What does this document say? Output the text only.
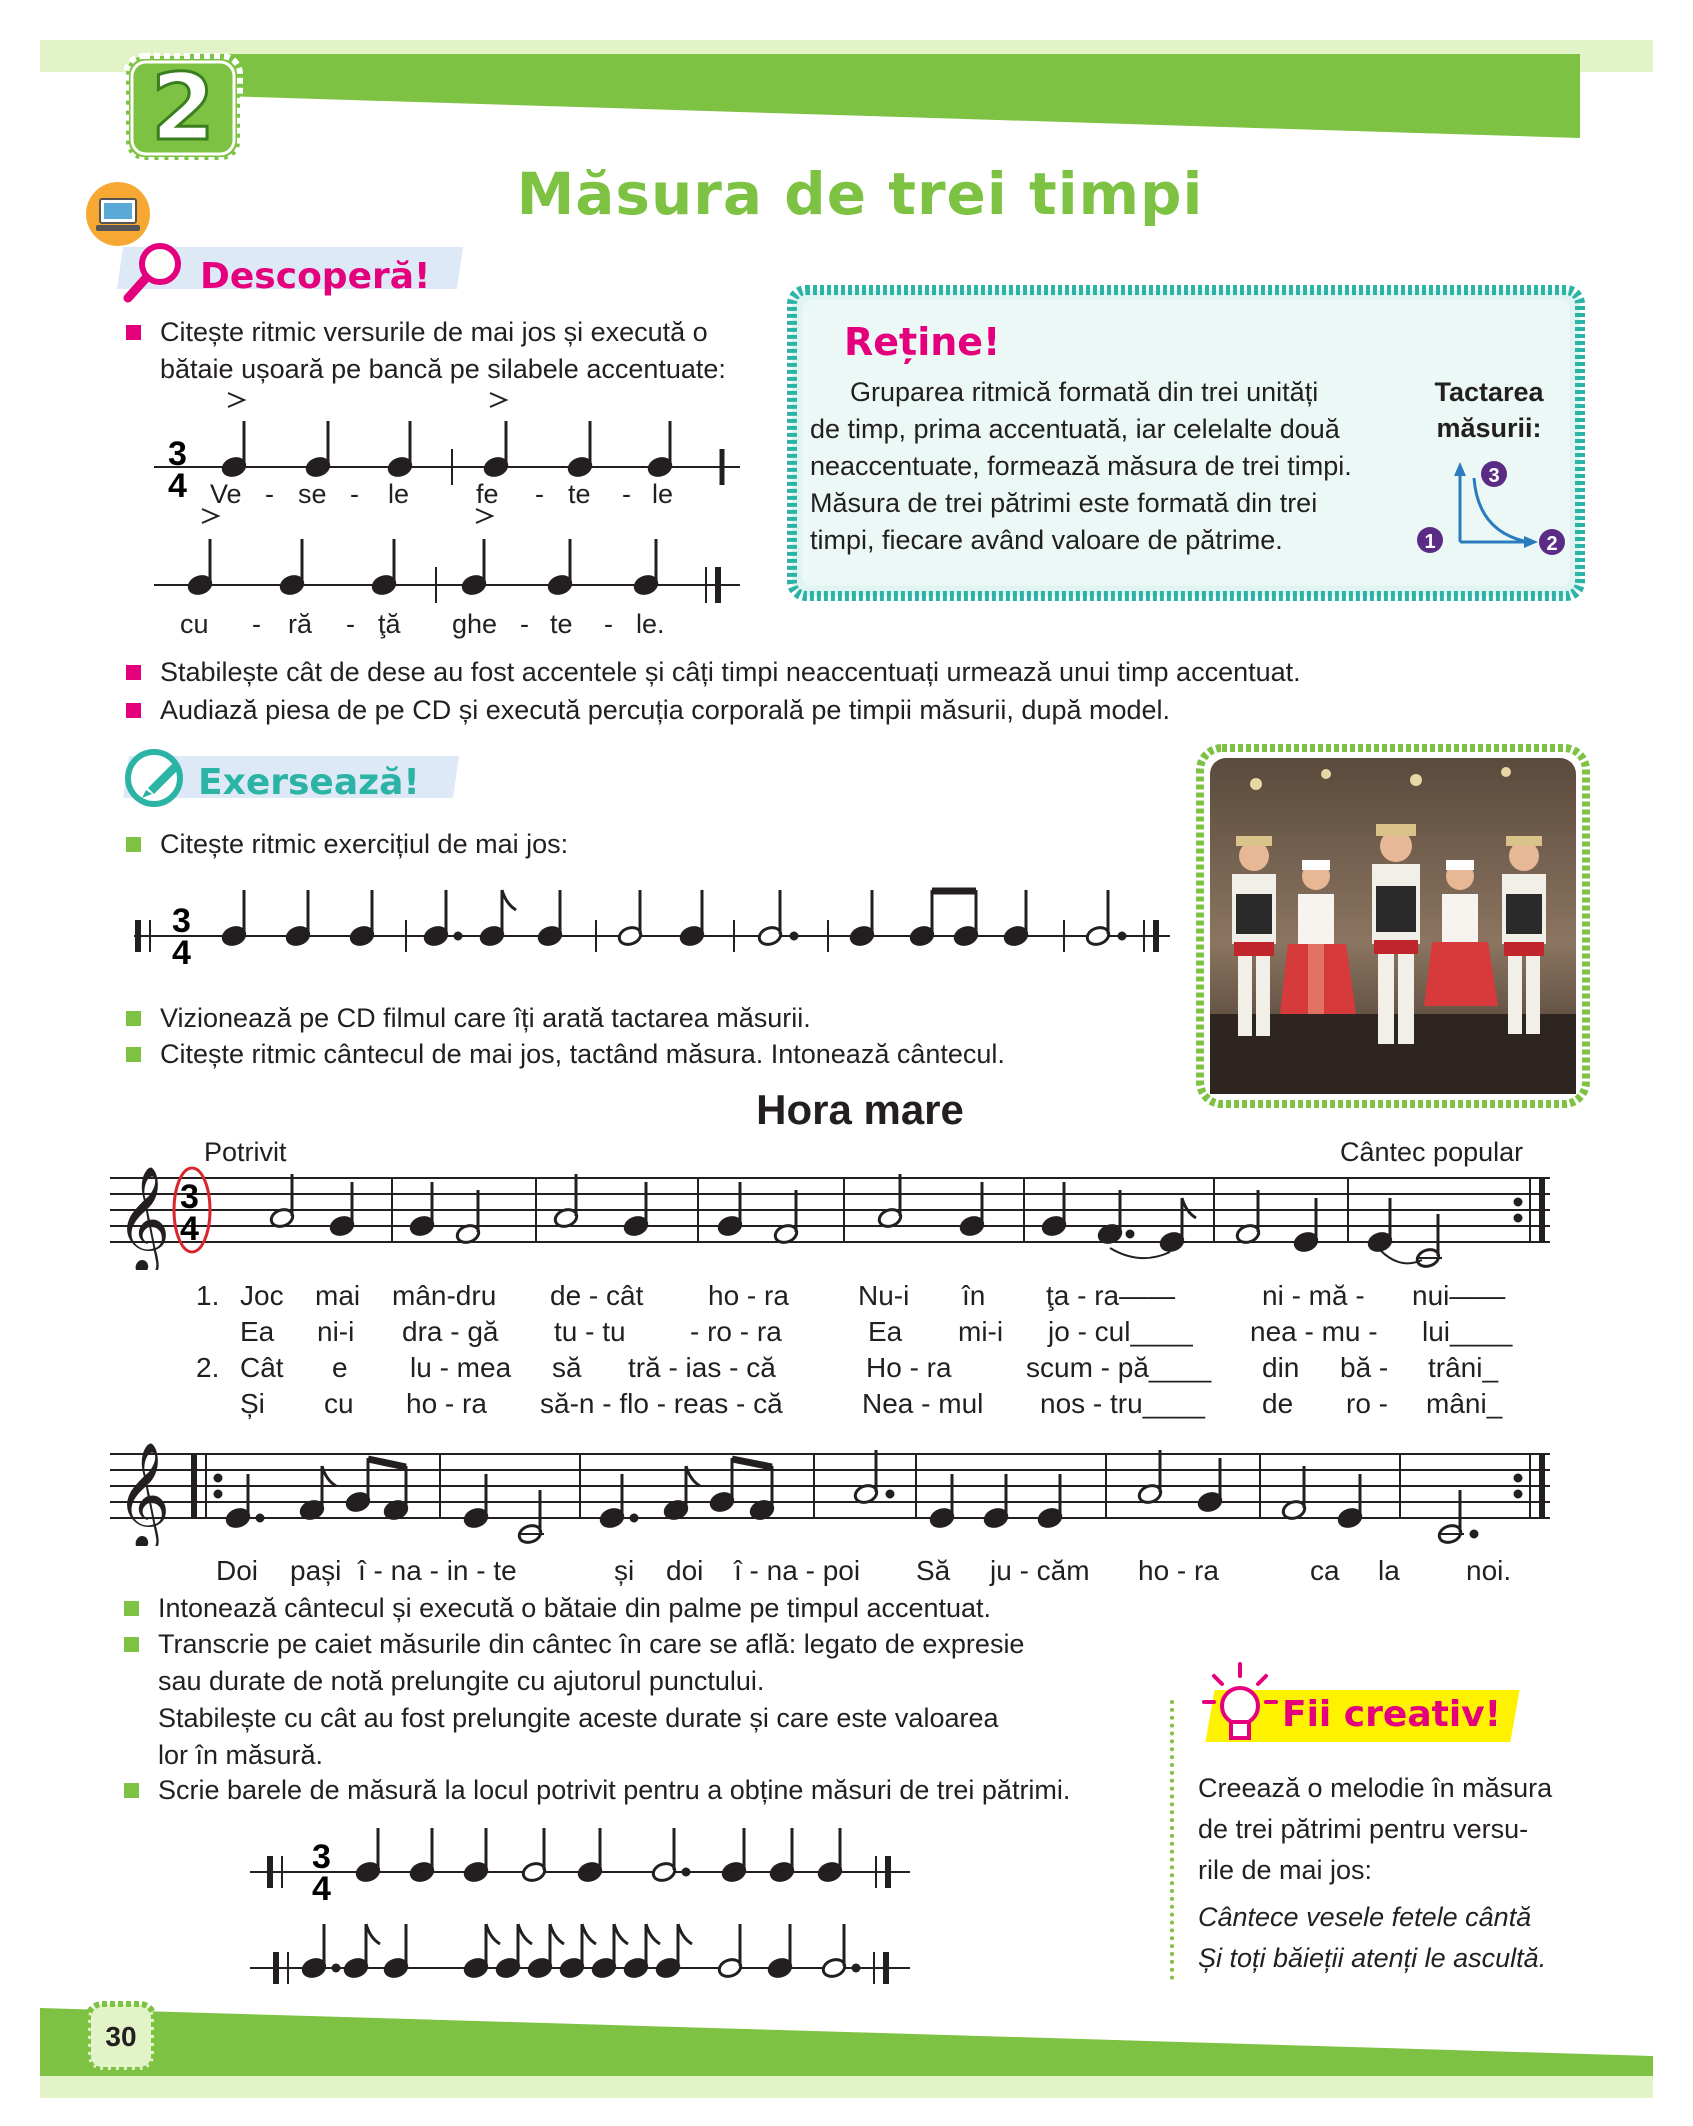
2
Măsura de trei timpi
Descoperă!
Citește ritmic versurile de mai jos și execută o
bătaie ușoară pe bancă pe silabele accentuate:
3
4 Ve - se - le fe - te - le
cu - ră - ţă ghe - te - le.
Stabilește cât de dese au fost accentele și câți timpi neaccentuați urmează unui timp accentuat.
Audiază piesa de pe CD și execută percuția corporală pe timpii măsurii, după model.
Reține!
Gruparea ritmică formată din trei unități
de timp, prima accentuată, iar celelalte două
neaccentuate, formează măsura de trei timpi.
Măsura de trei pătrimi este formată din trei
timpi, fiecare având valoare de pătrime.
Tactarea
măsurii:
1	2
3
Exersează!
Citește ritmic exercițiul de mai jos:
3
4
Vizionează pe CD filmul care îți arată tactarea măsurii.
Citește ritmic cântecul de mai jos, tactând măsura. Intonează cântecul.
Hora mare
Potrivit	Cântec popular
𝄞 3
4
1. Joc mai mân-dru de - cât ho - ra Nu-i în ţa - ra——	ni - mă - nui——
Ea ni-i dra - gă tu - tu - ro - ra	Ea mi-i jo - cul____ nea - mu - lui____
2. Cât e lu - mea să tră - ias - că	Ho - ra	scum - pă____ din bă - trâni_
Și cu ho - ra să-n - flo - reas - că	Nea - mul nos - tru____ de ro - mâni_
𝄞
Doi pași î - na - in - te	și doi î - na - poi Să ju - căm ho - ra	ca la noi.
Intonează cântecul și execută o bătaie din palme pe timpul accentuat.
Transcrie pe caiet măsurile din cântec în care se află: legato de expresie
sau durate de notă prelungite cu ajutorul punctului.
Stabilește cu cât au fost prelungite aceste durate și care este valoarea
lor în măsură.
Scrie barele de măsură la locul potrivit pentru a obține măsuri de trei pătrimi.
3
4
Fii creativ!
Creează o melodie în măsura
de trei pătrimi pentru versu-
rile de mai jos:
Cântece vesele fetele cântă
Și toți băieții atenți le ascultă.
30
